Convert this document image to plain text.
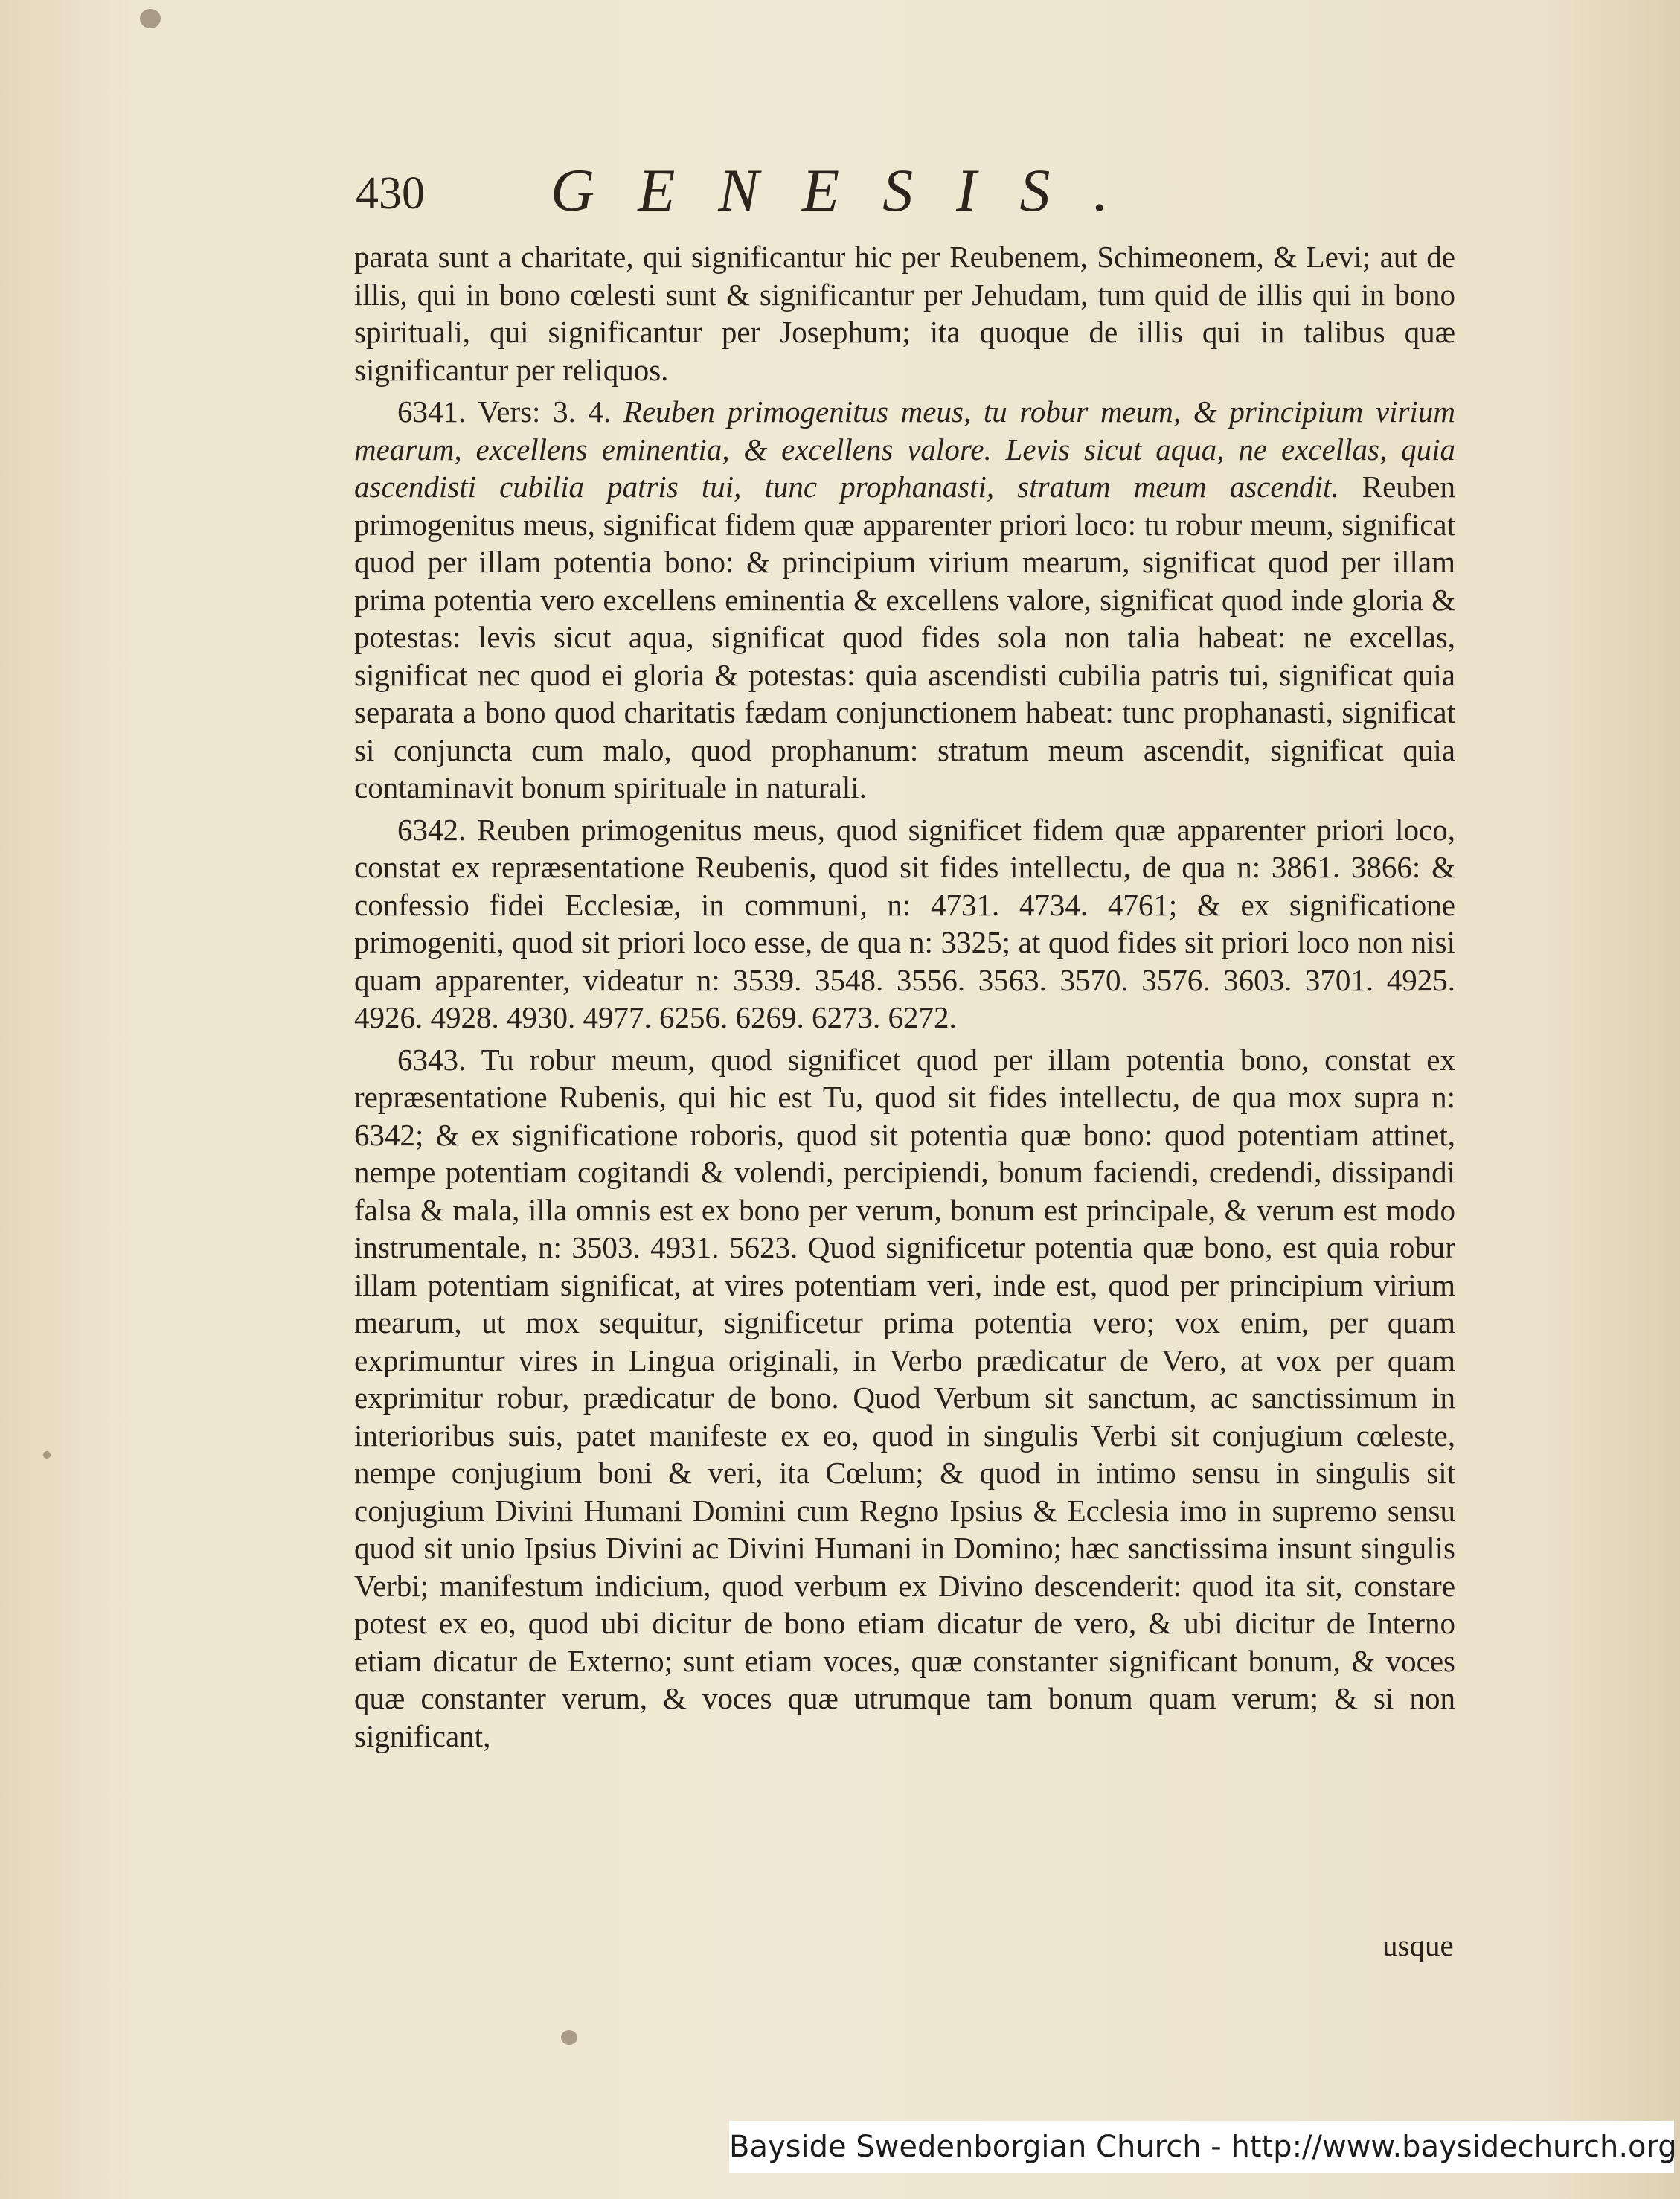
430 GENESIS.

parata sunt a charitate, qui significantur hic per Reubenem, Schimeonem, & Levi; aut de illis, qui in bono cœlesti sunt & significantur per Jehudam, tum quid de illis qui in bono spirituali, qui significantur per Josephum; ita quoque de illis qui in talibus quæ significantur per reliquos.

6341. Vers: 3. 4. Reuben primogenitus meus, tu robur meum, & principium virium mearum, excellens eminentia, & excellens valore. Levis sicut aqua, ne excellas, quia ascendisti cubilia patris tui, tunc prophanasti, stratum meum ascendit. Reuben primogenitus meus, significat fidem quæ apparenter priori loco: tu robur meum, significat quod per illam potentia bono: & principium virium mearum, significat quod per illam prima potentia vero excellens eminentia & excellens valore, significat quod inde gloria & potestas: levis sicut aqua, significat quod fides sola non talia habeat: ne excellas, significat nec quod ei gloria & potestas: quia ascendisti cubilia patris tui, significat quia separata a bono quod charitatis fædam conjunctionem habeat: tunc prophanasti, significat si conjuncta cum malo, quod prophanum: stratum meum ascendit, significat quia contaminavit bonum spirituale in naturali.

6342. Reuben primogenitus meus, quod significet fidem quæ apparenter priori loco, constat ex repræsentatione Reubenis, quod sit fides intellectu, de qua n: 3861. 3866: & confessio fidei Ecclesiæ, in communi, n: 4731. 4734. 4761; & ex significatione primogeniti, quod sit priori loco esse, de qua n: 3325; at quod fides sit priori loco non nisi quam apparenter, videatur n: 3539. 3548. 3556. 3563. 3570. 3576. 3603. 3701. 4925. 4926. 4928. 4930. 4977. 6256. 6269. 6273. 6272.

6343. Tu robur meum, quod significet quod per illam potentia bono, constat ex repræsentatione Rubenis, qui hic est Tu, quod sit fides intellectu, de qua mox supra n: 6342; & ex significatione roboris, quod sit potentia quæ bono: quod potentiam attinet, nempe potentiam cogitandi & volendi, percipiendi, bonum faciendi, credendi, dissipandi falsa & mala, illa omnis est ex bono per verum, bonum est principale, & verum est modo instrumentale, n: 3503. 4931. 5623. Quod significetur potentia quæ bono, est quia robur illam potentiam significat, at vires potentiam veri, inde est, quod per principium virium mearum, ut mox sequitur, significetur prima potentia vero; vox enim, per quam exprimuntur vires in Lingua originali, in Verbo prædicatur de Vero, at vox per quam exprimitur robur, prædicatur de bono. Quod Verbum sit sanctum, ac sanctissimum in interioribus suis, patet manifeste ex eo, quod in singulis Verbi sit conjugium cœleste, nempe conjugium boni & veri, ita Cœlum; & quod in intimo sensu in singulis sit conjugium Divini Humani Domini cum Regno Ipsius & Ecclesia imo in supremo sensu quod sit unio Ipsius Divini ac Divini Humani in Domino; hæc sanctissima insunt singulis Verbi; manifestum indicium, quod verbum ex Divino descenderit: quod ita sit, constare potest ex eo, quod ubi dicitur de bono etiam dicatur de vero, & ubi dicitur de Interno etiam dicatur de Externo; sunt etiam voces, quæ constanter significant bonum, & voces quæ constanter verum, & voces quæ utrumque tam bonum quam verum; & si non significant,

usque
Bayside Swedenborgian Church - http://www.baysidechurch.org
